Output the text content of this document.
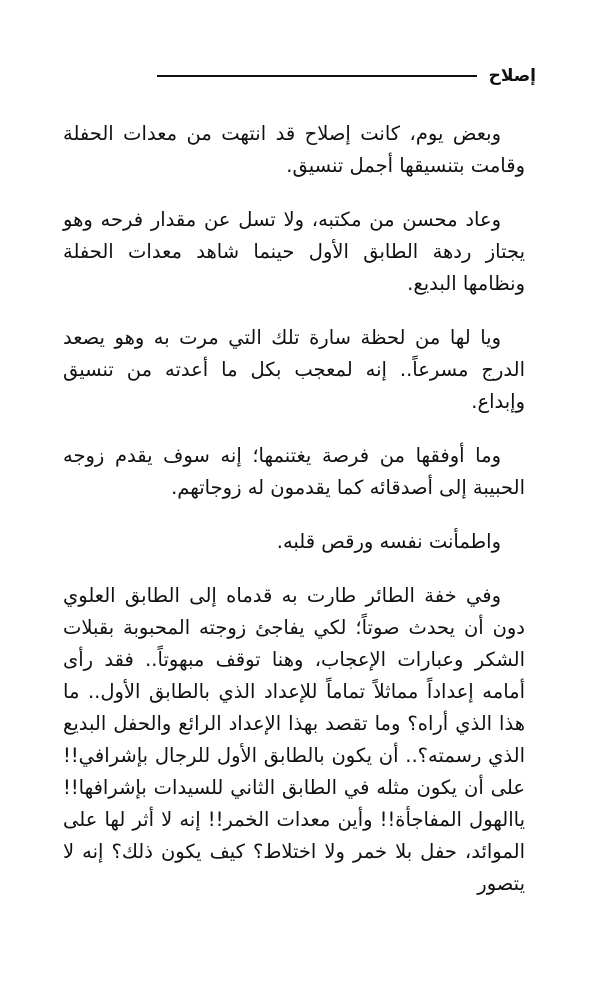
إصلاح

وبعض يوم، كانت إصلاح قد انتهت من معدات الحفلة وقامت بتنسيقها أجمل تنسيق.

وعاد محسن من مكتبه، ولا تسل عن مقدار فرحه وهو يجتاز ردهة الطابق الأول حينما شاهد معدات الحفلة ونظامها البديع.

ويا لها من لحظة سارة تلك التي مرت به وهو يصعد الدرج مسرعاً.. إنه لمعجب بكل ما أعدته من تنسيق وإبداع.

وما أوفقها من فرصة يغتنمها؛ إنه سوف يقدم زوجه الحبيبة إلى أصدقائه كما يقدمون له زوجاتهم.

واطمأنت نفسه ورقص قلبه.

وفي خفة الطائر طارت به قدماه إلى الطابق العلوي دون أن يحدث صوتاً؛ لكي يفاجئ زوجته المحبوبة بقبلات الشكر وعبارات الإعجاب، وهنا توقف مبهوتاً.. فقد رأى أمامه إعداداً مماثلاً تماماً للإعداد الذي بالطابق الأول.. ما هذا الذي أراه؟ وما تقصد بهذا الإعداد الرائع والحفل البديع الذي رسمته؟.. أن يكون بالطابق الأول للرجال بإشرافي!! على أن يكون مثله في الطابق الثاني للسيدات بإشرافها!! ياالهول المفاجأة!! وأين معدات الخمر!! إنه لا أثر لها على الموائد، حفل بلا خمر ولا اختلاط؟ كيف يكون ذلك؟ إنه لا يتصور
